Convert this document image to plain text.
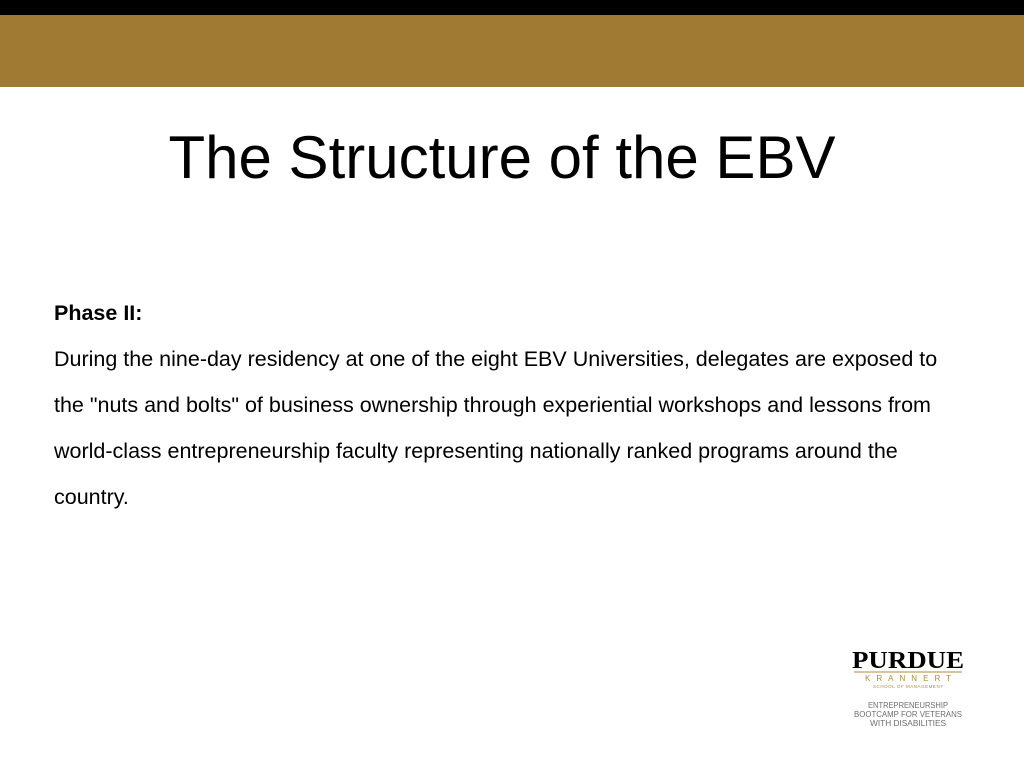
The Structure of the EBV
Phase II:
During the nine-day residency at one of the eight EBV Universities, delegates are exposed to the "nuts and bolts" of business ownership through experiential workshops and lessons from world-class entrepreneurship faculty representing nationally ranked programs around the country.
PURDUE
KRANNERT
SCHOOL OF MANAGEMENT
ENTREPRENEURSHIP
BOOTCAMP FOR VETERANS
WITH DISABILITIES
